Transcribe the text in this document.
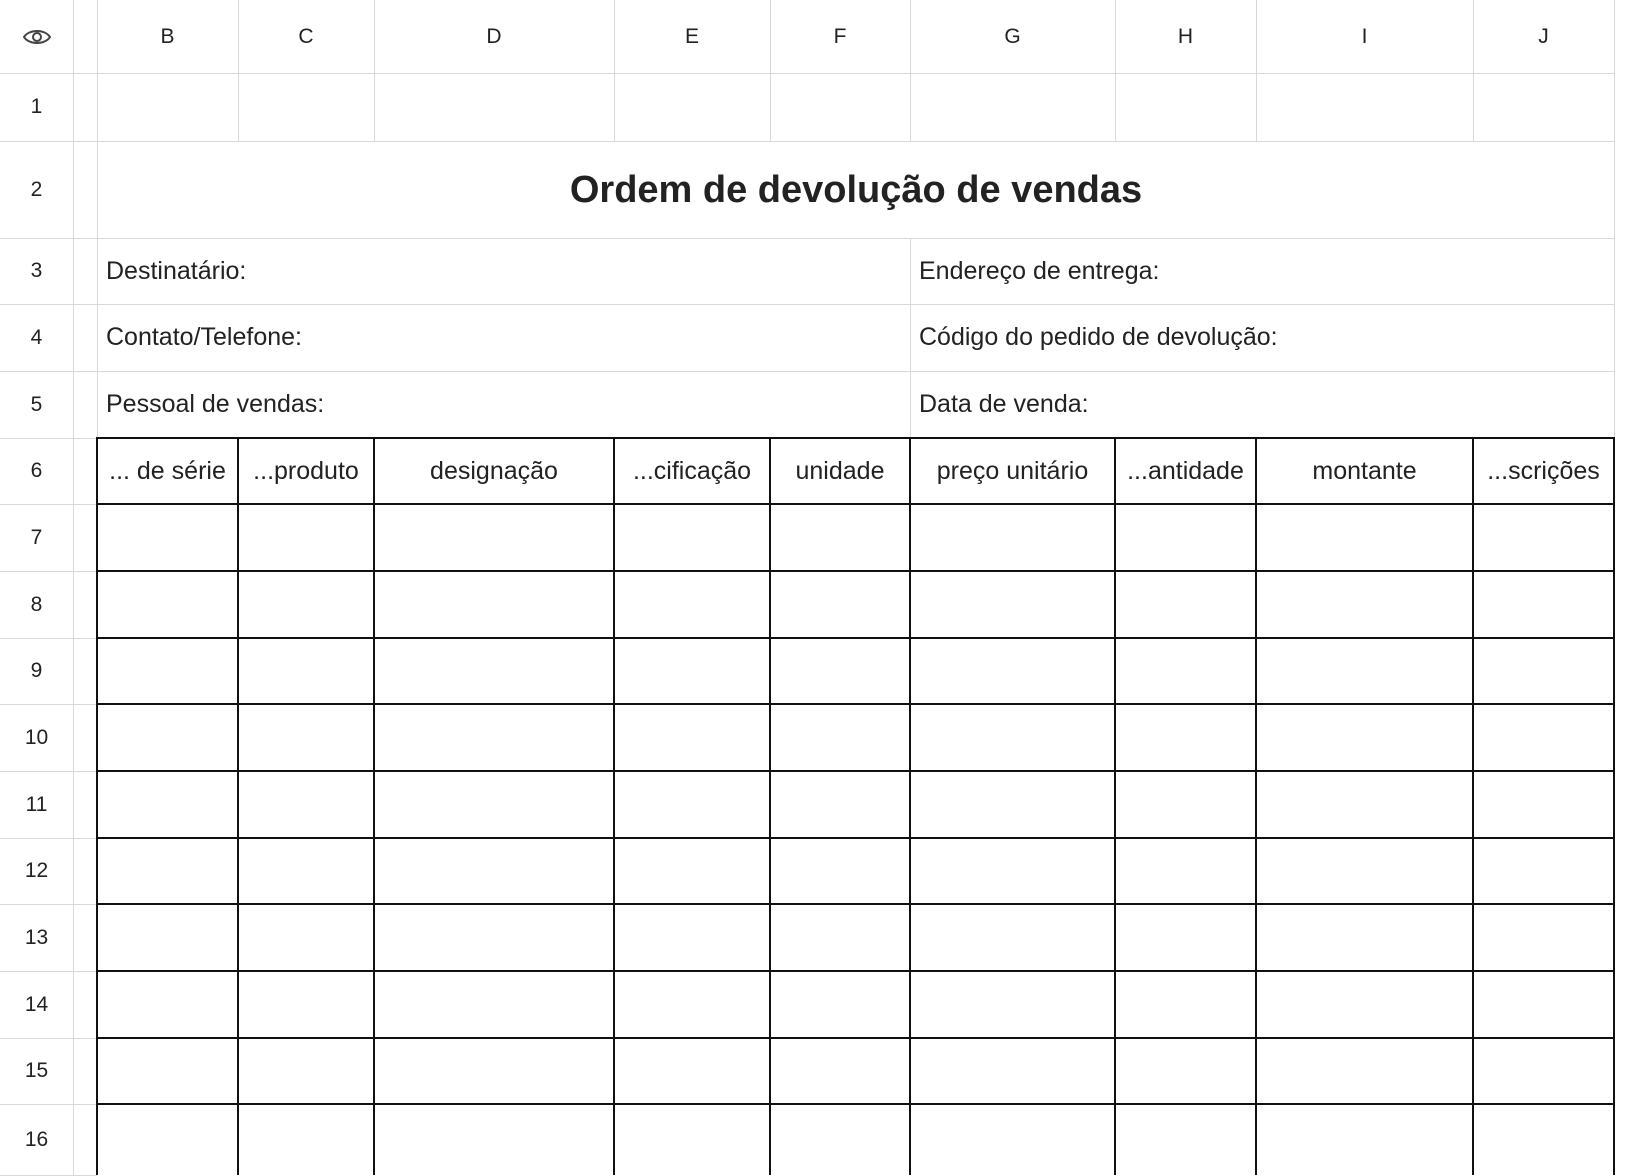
B	C	D	E	F	G	H	I	J
1
2
3
4
5
6
7
8
9
10
11
12
13
14
15
16
Ordem de devolução de vendas
Destinatário:	Endereço de entrega:
Contato/Telefone:	Código do pedido de devolução:
Pessoal de vendas:	Data de venda:
... de série	...produto	designação	...cificação	unidade	preço unitário	...antidade	montante	...scrições
